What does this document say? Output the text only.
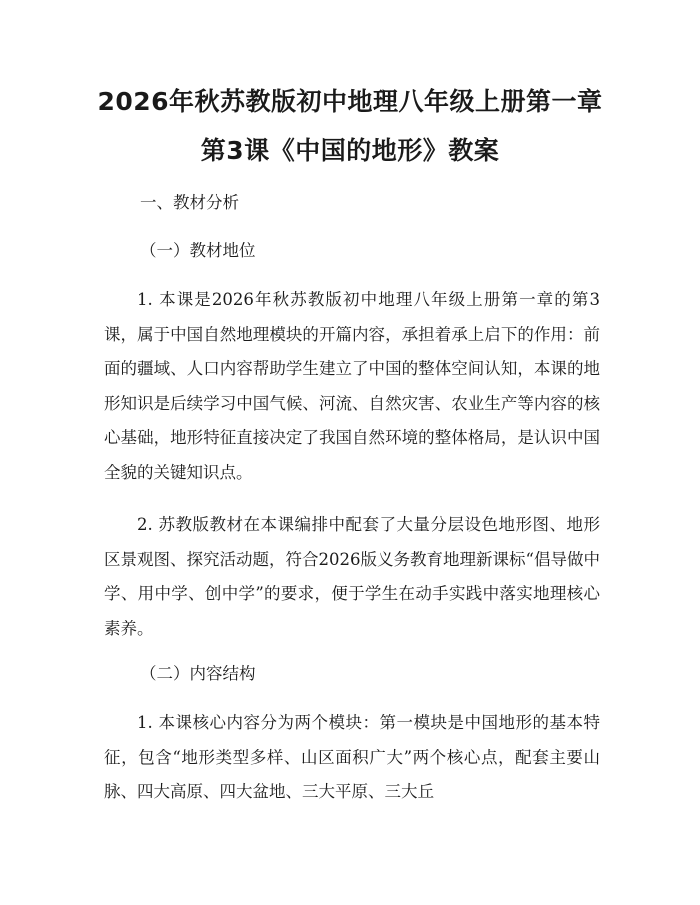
2026年秋苏教版初中地理八年级上册第一章
第3课《中国的地形》教案
一、教材分析
（一）教材地位

1. 本课是2026年秋苏教版初中地理八年级上册第一章的第3课，属于中国自然地理模块的开篇内容，承担着承上启下的作用：前面的疆域、人口内容帮助学生建立了中国的整体空间认知，本课的地形知识是后续学习中国气候、河流、自然灾害、农业生产等内容的核心基础，地形特征直接决定了我国自然环境的整体格局，是认识中国全貌的关键知识点。

2. 苏教版教材在本课编排中配套了大量分层设色地形图、地形区景观图、探究活动题，符合2026版义务教育地理新课标“倡导做中学、用中学、创中学”的要求，便于学生在动手实践中落实地理核心素养。

（二）内容结构

1. 本课核心内容分为两个模块：第一模块是中国地形的基本特征，包含“地形类型多样、山区面积广大”两个核心点，配套主要山脉、四大高原、四大盆地、三大平原、三大丘
